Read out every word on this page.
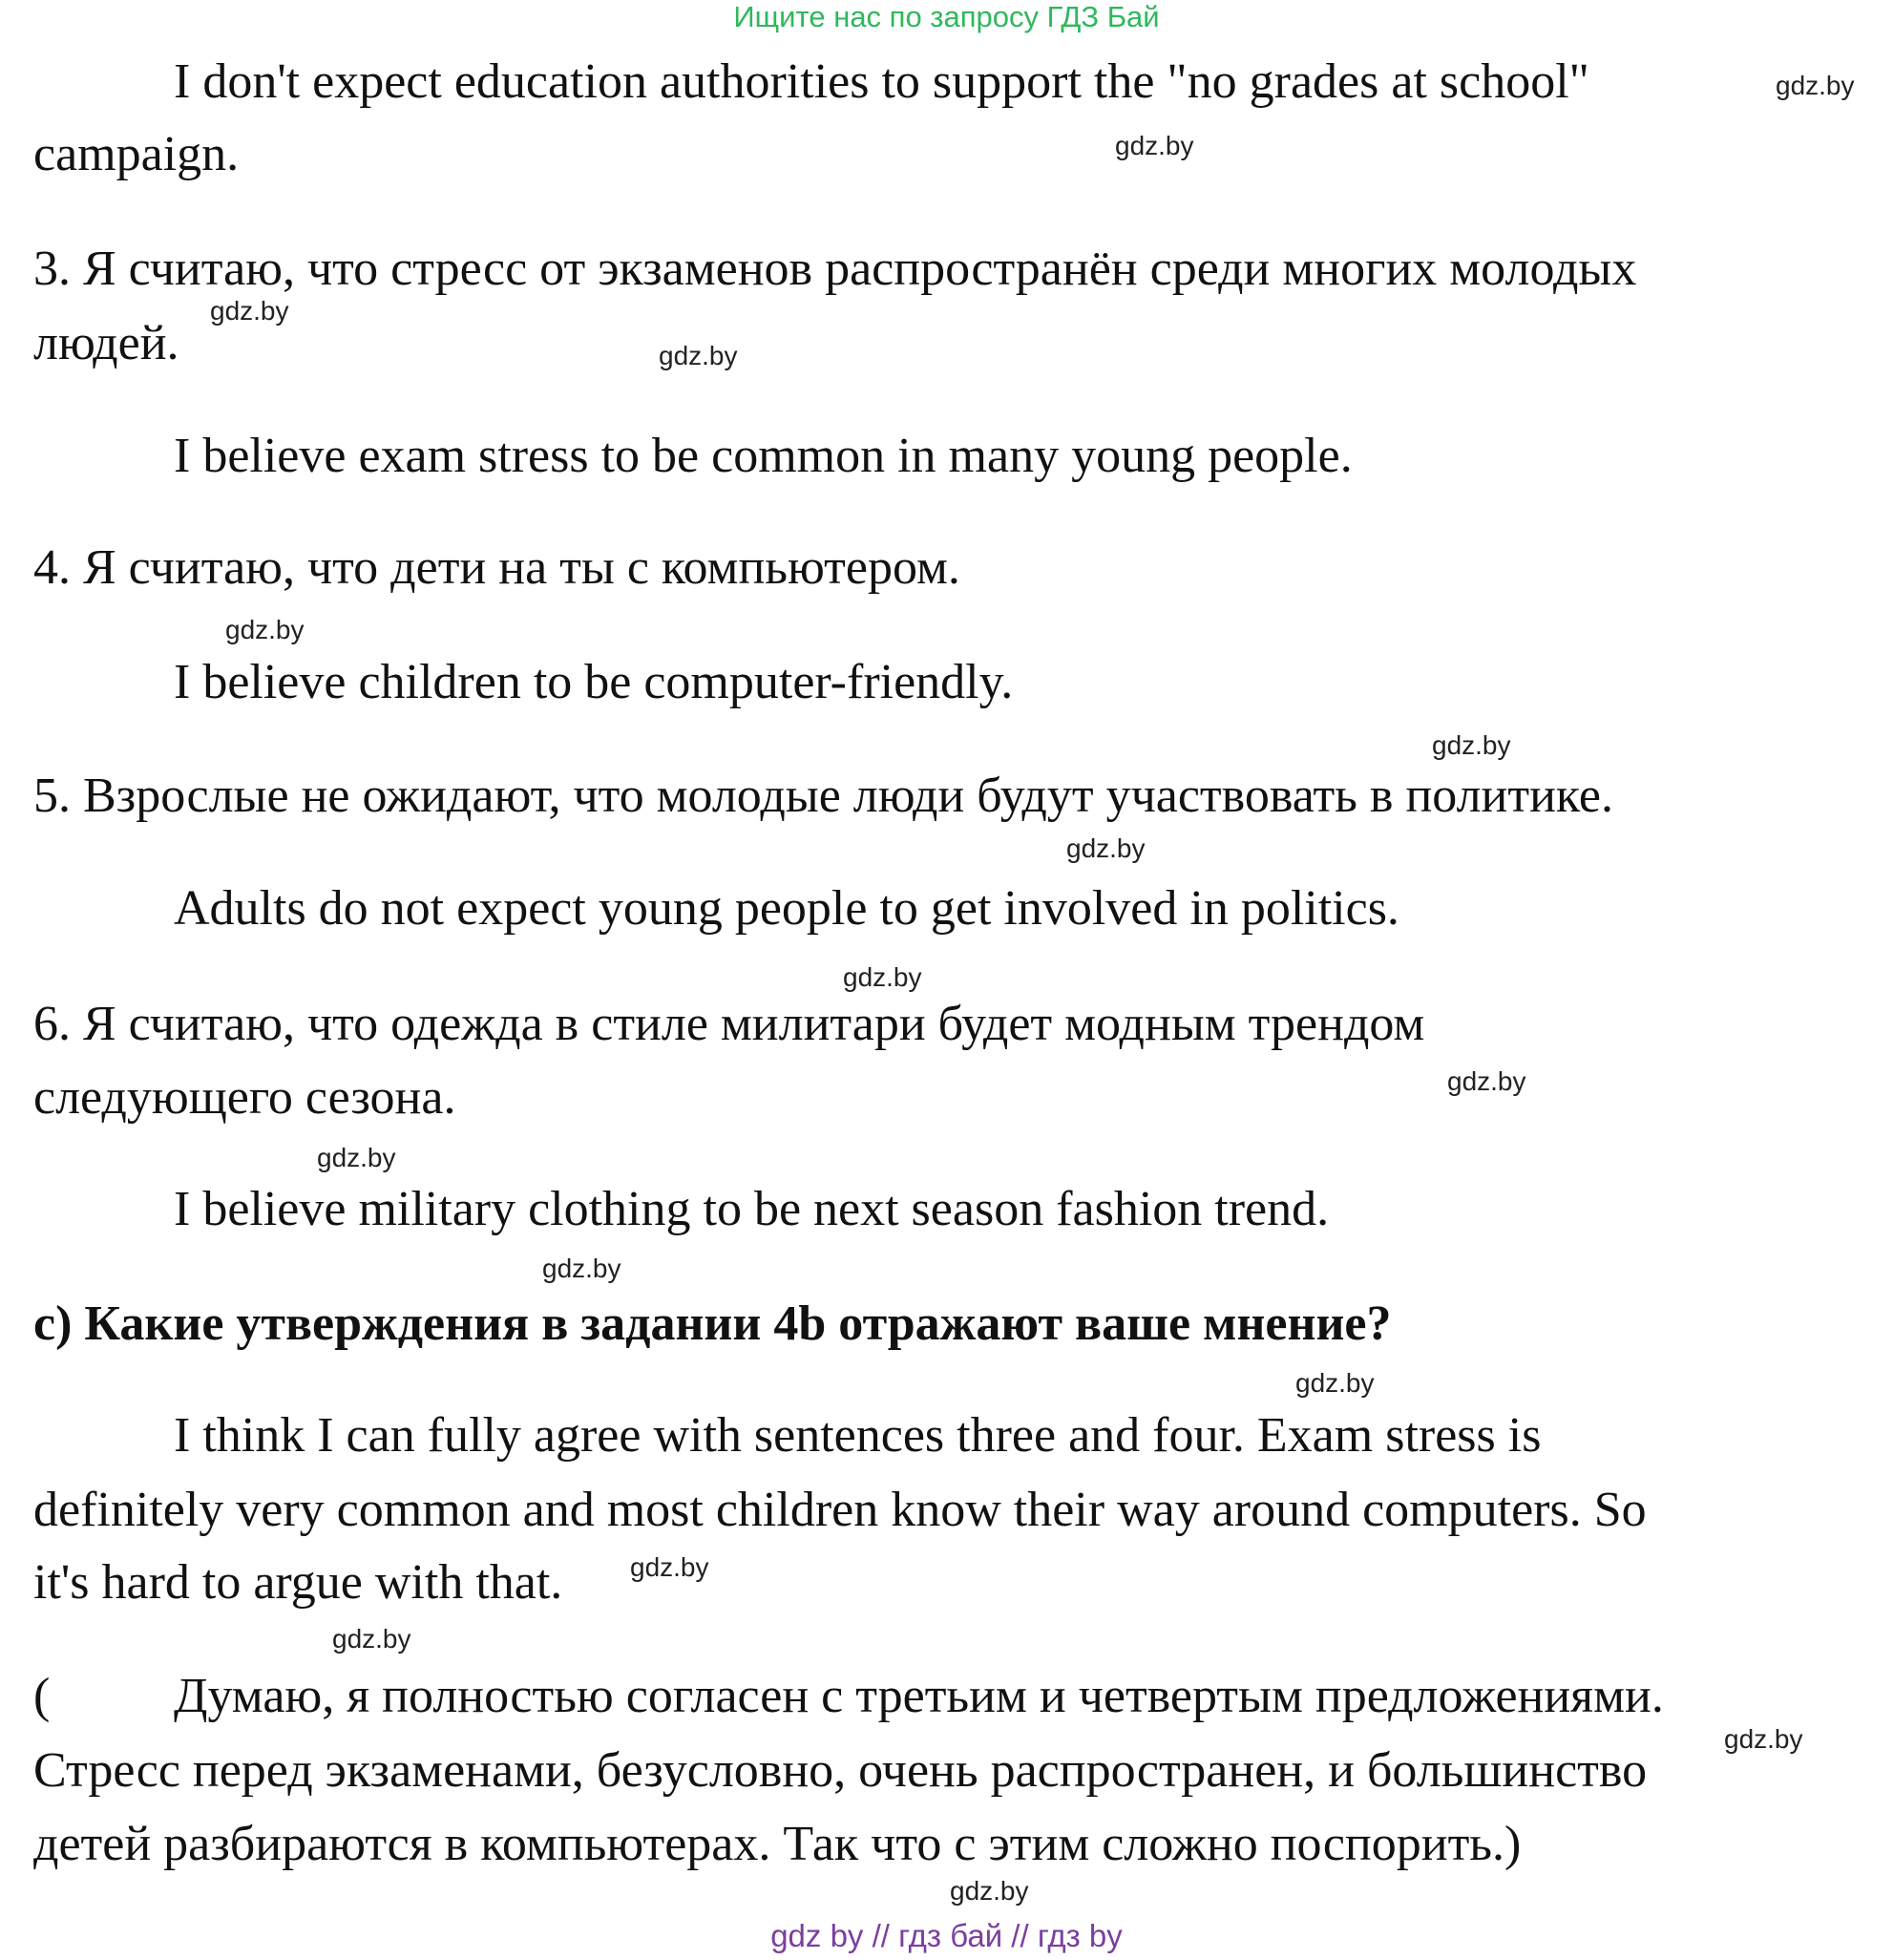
Ищите нас по запросу ГДЗ Бай
I don't expect education authorities to support the "no grades at school"
campaign.
3. Я считаю, что стресс от экзаменов распространён среди многих молодых
людей.
I believe exam stress to be common in many young people.
4. Я считаю, что дети на ты с компьютером.
I believe children to be computer-friendly.
5. Взрослые не ожидают, что молодые люди будут участвовать в политике.
Adults do not expect young people to get involved in politics.
6. Я считаю, что одежда в стиле милитари будет модным трендом
следующего сезона.
I believe military clothing to be next season fashion trend.
c) Какие утверждения в задании 4b отражают ваше мнение?
I think I can fully agree with sentences three and four. Exam stress is
definitely very common and most children know their way around computers. So
it's hard to argue with that.
( Думаю, я полностью согласен с третьим и четвертым предложениями.
Стресс перед экзаменами, безусловно, очень распространен, и большинство
детей разбираются в компьютерах. Так что с этим сложно поспорить.)
gdz.by
gdz.by
gdz.by
gdz.by
gdz.by
gdz.by
gdz.by
gdz.by
gdz.by
gdz.by
gdz.by
gdz.by
gdz.by
gdz.by
gdz.by
gdz.by
gdz by // гдз бай // гдз by
